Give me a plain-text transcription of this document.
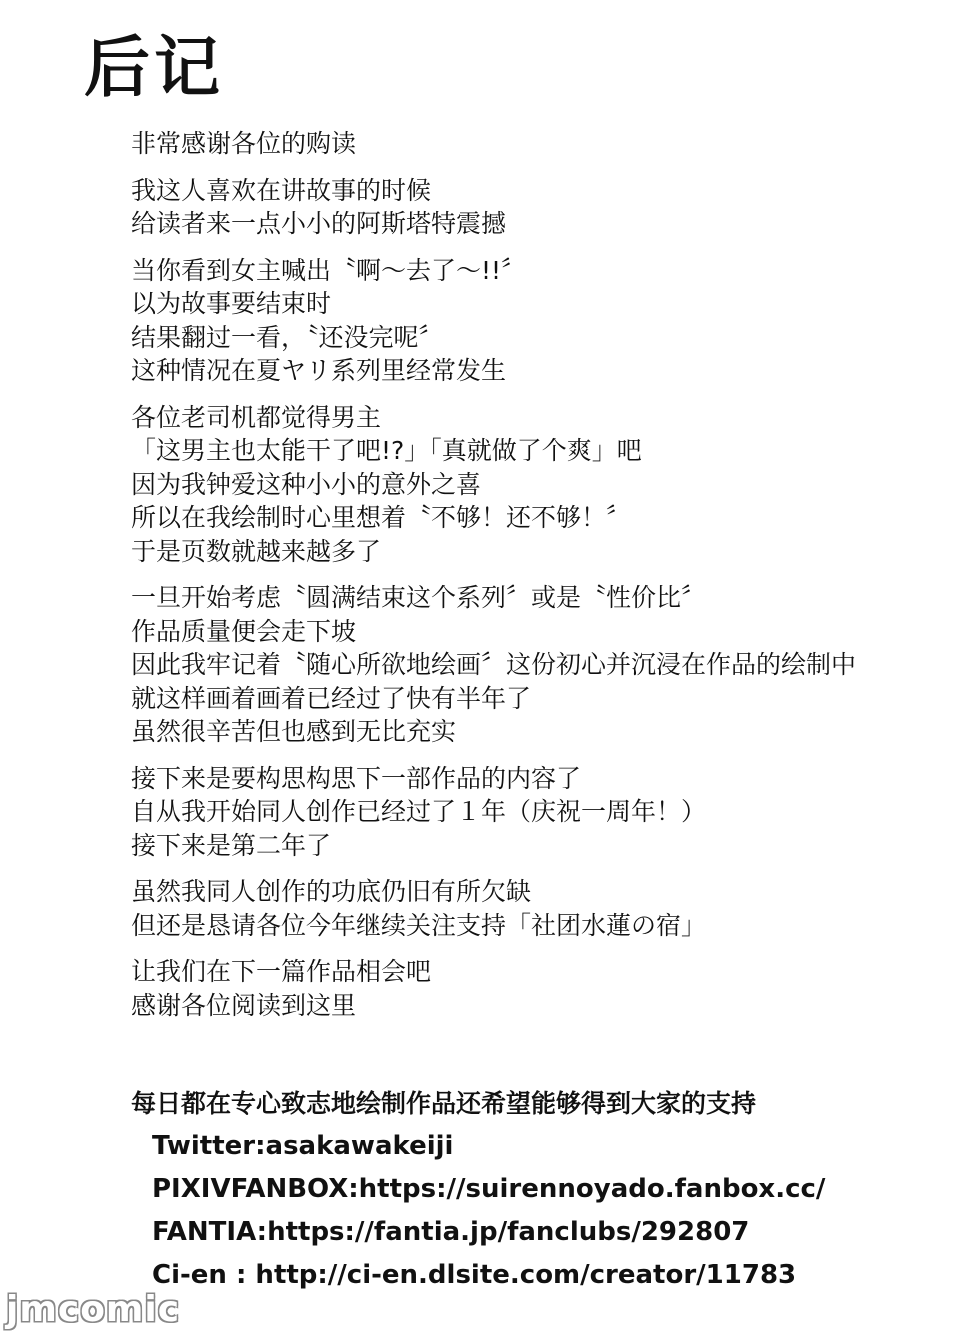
后记
非常感谢各位的购读
我这人喜欢在讲故事的时候
给读者来一点小小的阿斯塔特震撼
当你看到女主喊出〝啊～去了～!!〞
以为故事要结束时
结果翻过一看，〝还没完呢〞
这种情况在夏ヤリ系列里经常发生
各位老司机都觉得男主
「这男主也太能干了吧!?」「真就做了个爽」吧
因为我钟爱这种小小的意外之喜
所以在我绘制时心里想着〝不够！还不够！〞
于是页数就越来越多了
一旦开始考虑〝圆满结束这个系列〞或是〝性价比〞
作品质量便会走下坡
因此我牢记着〝随心所欲地绘画〞这份初心并沉浸在作品的绘制中
就这样画着画着已经过了快有半年了
虽然很辛苦但也感到无比充实
接下来是要构思构思下一部作品的内容了
自从我开始同人创作已经过了１年（庆祝一周年！）
接下来是第二年了
虽然我同人创作的功底仍旧有所欠缺
但还是恳请各位今年继续关注支持「社团水蓮の宿」
让我们在下一篇作品相会吧
感谢各位阅读到这里
每日都在专心致志地绘制作品还希望能够得到大家的支持
Twitter:asakawakeiji
PIXIVFANBOX:https://suirennoyado.fanbox.cc/
FANTIA:https://fantia.jp/fanclubs/292807
Ci-en : http://ci-en.dlsite.com/creator/11783
jmcomic
